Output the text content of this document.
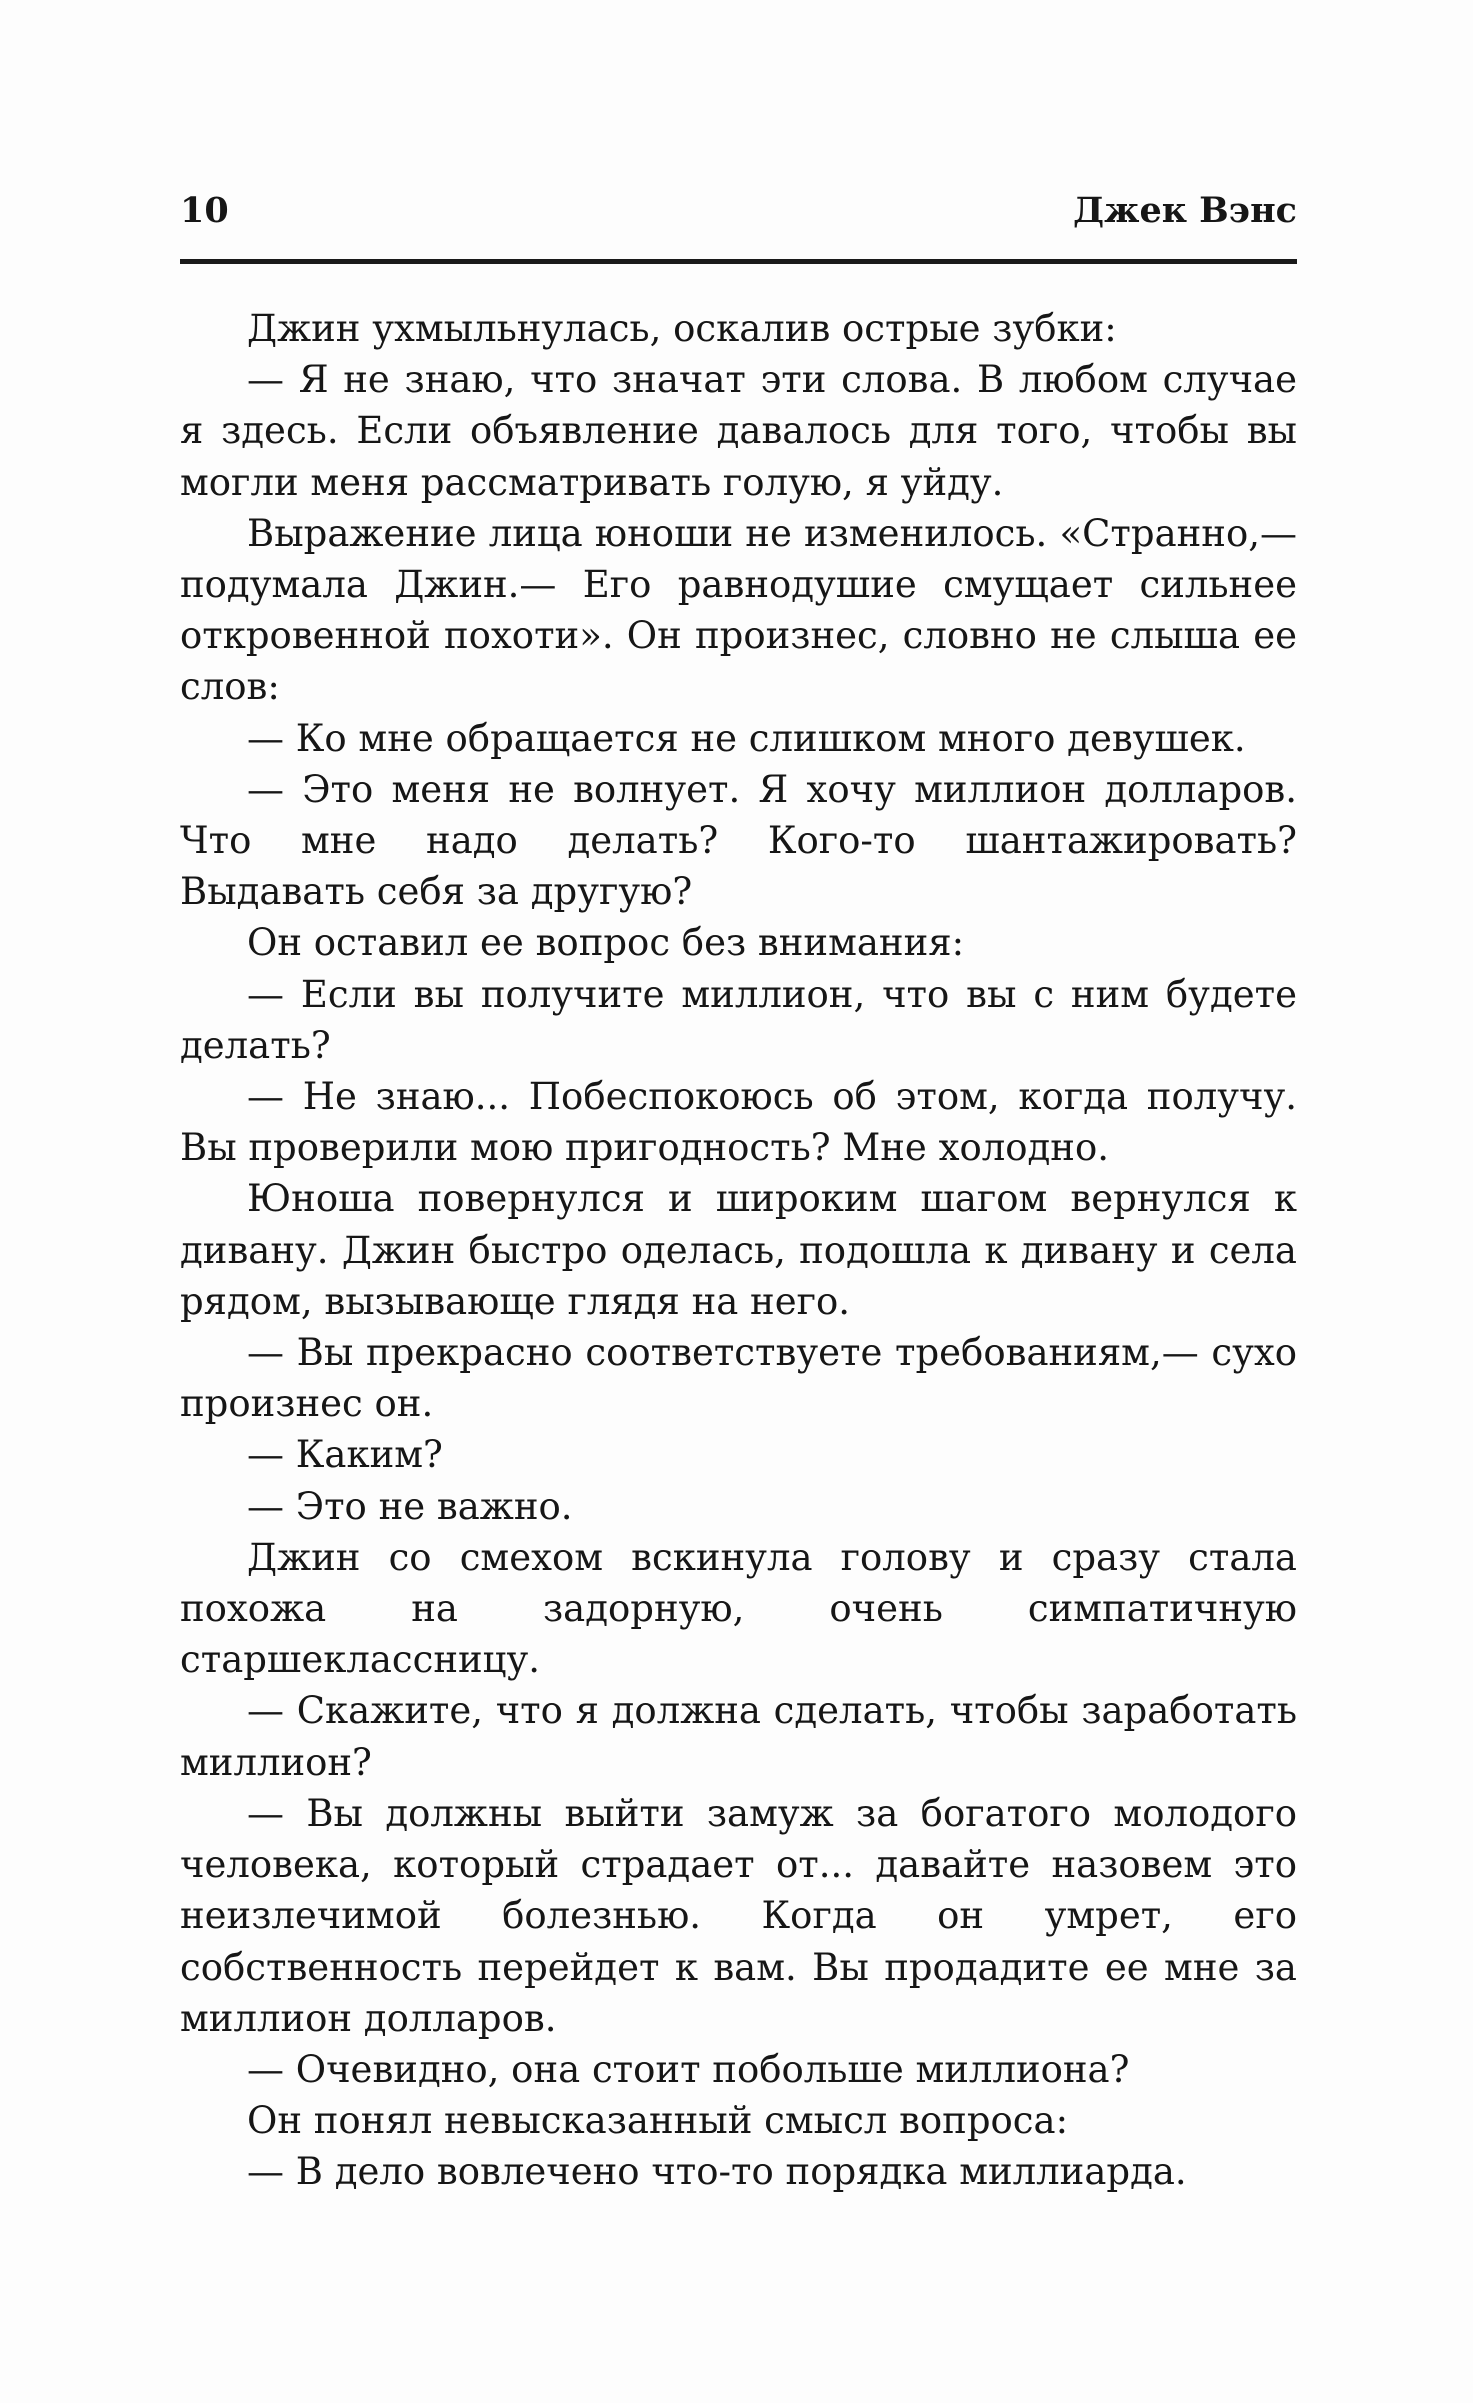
10	Джек Вэнс

Джин ухмыльнулась, оскалив острые зубки:

— Я не знаю, что значат эти слова. В любом случае я здесь. Если объявление давалось для того, чтобы вы могли меня рассматривать голую, я уйду.

Выражение лица юноши не изменилось. «Странно,— подумала Джин.— Его равнодушие смущает сильнее откровенной похоти». Он произнес, словно не слыша ее слов:

— Ко мне обращается не слишком много девушек.

— Это меня не волнует. Я хочу миллион долларов. Что мне надо делать? Кого-то шантажировать? Выдавать себя за другую?

Он оставил ее вопрос без внимания:

— Если вы получите миллион, что вы с ним будете делать?

— Не знаю... Побеспокоюсь об этом, когда получу. Вы проверили мою пригодность? Мне холодно.

Юноша повернулся и широким шагом вернулся к дивану. Джин быстро оделась, подошла к дивану и села рядом, вызывающе глядя на него.

— Вы прекрасно соответствуете требованиям,— сухо произнес он.

— Каким?

— Это не важно.

Джин со смехом вскинула голову и сразу стала похожа на задорную, очень симпатичную старшеклассницу.

— Скажите, что я должна сделать, чтобы заработать миллион?

— Вы должны выйти замуж за богатого молодого человека, который страдает от... давайте назовем это неизлечимой болезнью. Когда он умрет, его собственность перейдет к вам. Вы продадите ее мне за миллион долларов.

— Очевидно, она стоит побольше миллиона?

Он понял невысказанный смысл вопроса:

— В дело вовлечено что-то порядка миллиарда.
